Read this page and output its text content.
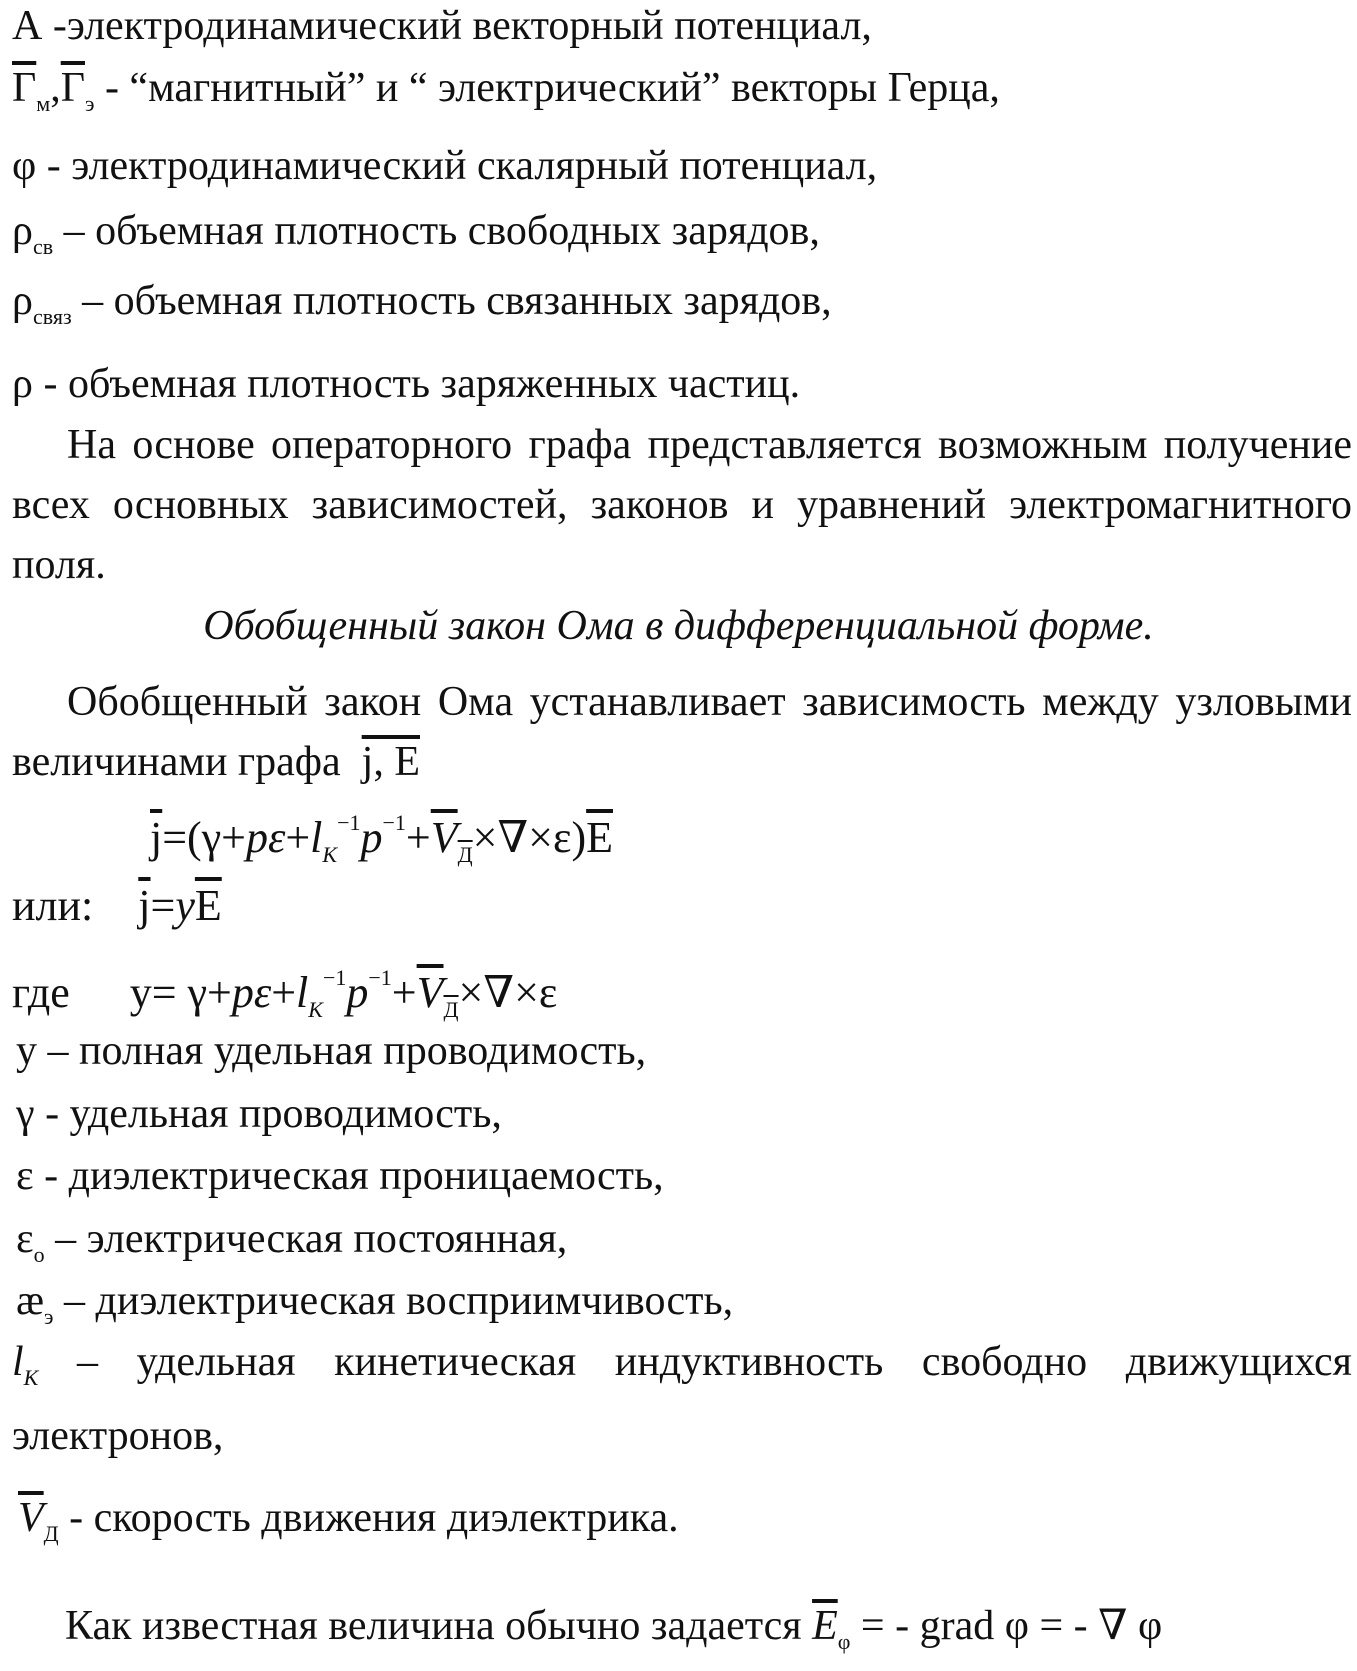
A -электродинамический векторный потенциал,
$Г_м,Г_э$ - “магнитный” и “ электрический” векторы Герца,
φ - электродинамический скалярный потенциал,
$\rho_{св}$ – объемная плотность свободных зарядов,
$\rho_{связ}$ – объемная плотность связанных зарядов,
ρ - объемная плотность заряженных частиц.
На основе операторного графа представляется возможным получение всех основных зависимостей, законов и уравнений электромагнитного поля.
Обобщенный закон Ома в дифференциальной форме.
Обобщенный закон Ома устанавливает зависимость между узловыми величинами графа j, E
$\overline{j}=(\gamma+p\varepsilon+l_K^{-1}p^{-1}+\overline{V}_Д\times\nabla\times\varepsilon)\overline{E}$
или: $\overline{j}=y\overline{E}$
где $y= \gamma+p\varepsilon+l_K^{-1}p^{-1}+\overline{V}_Д\times\nabla\times\varepsilon$
y – полная удельная проводимость,
γ - удельная проводимость,
ε - диэлектрическая проницаемость,
$\varepsilon_о$ – электрическая постоянная,
$æ_э$ – диэлектрическая восприимчивость,
$l_K$ – удельная кинетическая индуктивность свободно движущихся электронов,
$\overline{V}_Д$ - скорость движения диэлектрика.
Как известная величина обычно задается $\overline{E}_\varphi$ = - grad φ = - ∇ φ
